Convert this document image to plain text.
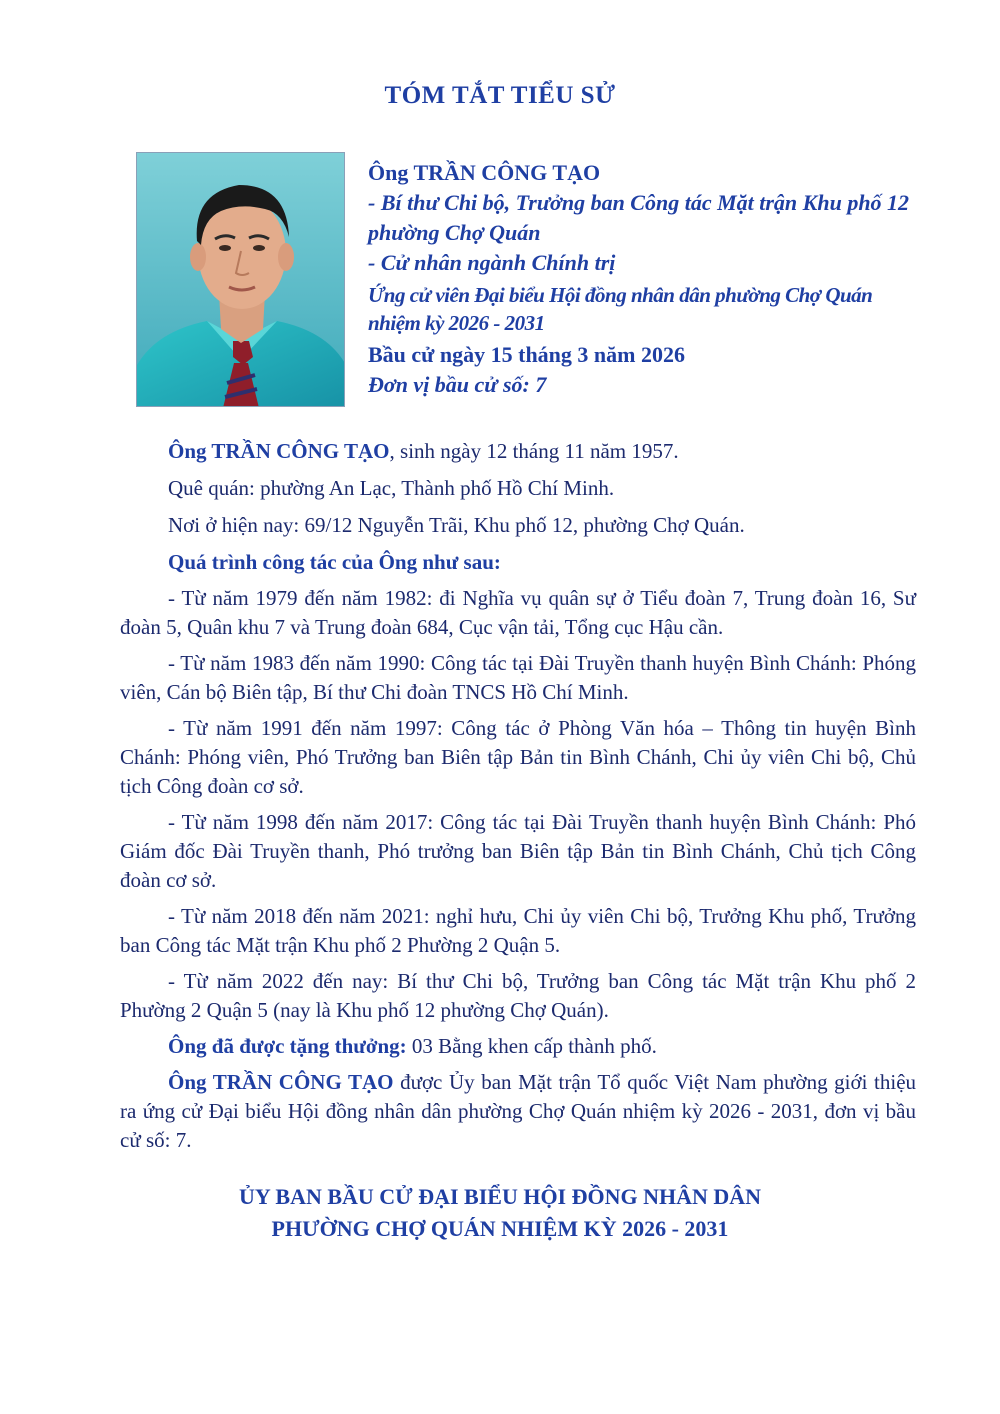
TÓM TẮT TIỂU SỬ
Ông TRẦN CÔNG TẠO
- Bí thư Chi bộ, Trưởng ban Công tác Mặt trận Khu phố 12 phường Chợ Quán
- Cử nhân ngành Chính trị
Ứng cử viên Đại biểu Hội đồng nhân dân phường Chợ Quán nhiệm kỳ 2026 - 2031
Bầu cử ngày 15 tháng 3 năm 2026
Đơn vị bầu cử số: 7

Ông TRẦN CÔNG TẠO, sinh ngày 12 tháng 11 năm 1957.

Quê quán: phường An Lạc, Thành phố Hồ Chí Minh.

Nơi ở hiện nay: 69/12 Nguyễn Trãi, Khu phố 12, phường Chợ Quán.

Quá trình công tác của Ông như sau:

- Từ năm 1979 đến năm 1982: đi Nghĩa vụ quân sự ở Tiểu đoàn 7, Trung đoàn 16, Sư đoàn 5, Quân khu 7 và Trung đoàn 684, Cục vận tải, Tổng cục Hậu cần.

- Từ năm 1983 đến năm 1990: Công tác tại Đài Truyền thanh huyện Bình Chánh: Phóng viên, Cán bộ Biên tập, Bí thư Chi đoàn TNCS Hồ Chí Minh.

- Từ năm 1991 đến năm 1997: Công tác ở Phòng Văn hóa – Thông tin huyện Bình Chánh: Phóng viên, Phó Trưởng ban Biên tập Bản tin Bình Chánh, Chi ủy viên Chi bộ, Chủ tịch Công đoàn cơ sở.

- Từ năm 1998 đến năm 2017: Công tác tại Đài Truyền thanh huyện Bình Chánh: Phó Giám đốc Đài Truyền thanh, Phó trưởng ban Biên tập Bản tin Bình Chánh, Chủ tịch Công đoàn cơ sở.

- Từ năm 2018 đến năm 2021: nghỉ hưu, Chi ủy viên Chi bộ, Trưởng Khu phố, Trưởng ban Công tác Mặt trận Khu phố 2 Phường 2 Quận 5.

- Từ năm 2022 đến nay: Bí thư Chi bộ, Trưởng ban Công tác Mặt trận Khu phố 2 Phường 2 Quận 5 (nay là Khu phố 12 phường Chợ Quán).

Ông đã được tặng thưởng: 03 Bằng khen cấp thành phố.

Ông TRẦN CÔNG TẠO được Ủy ban Mặt trận Tổ quốc Việt Nam phường giới thiệu ra ứng cử Đại biểu Hội đồng nhân dân phường Chợ Quán nhiệm kỳ 2026 - 2031, đơn vị bầu cử số: 7.

ỦY BAN BẦU CỬ ĐẠI BIỂU HỘI ĐỒNG NHÂN DÂN
PHƯỜNG CHỢ QUÁN NHIỆM KỲ 2026 - 2031
